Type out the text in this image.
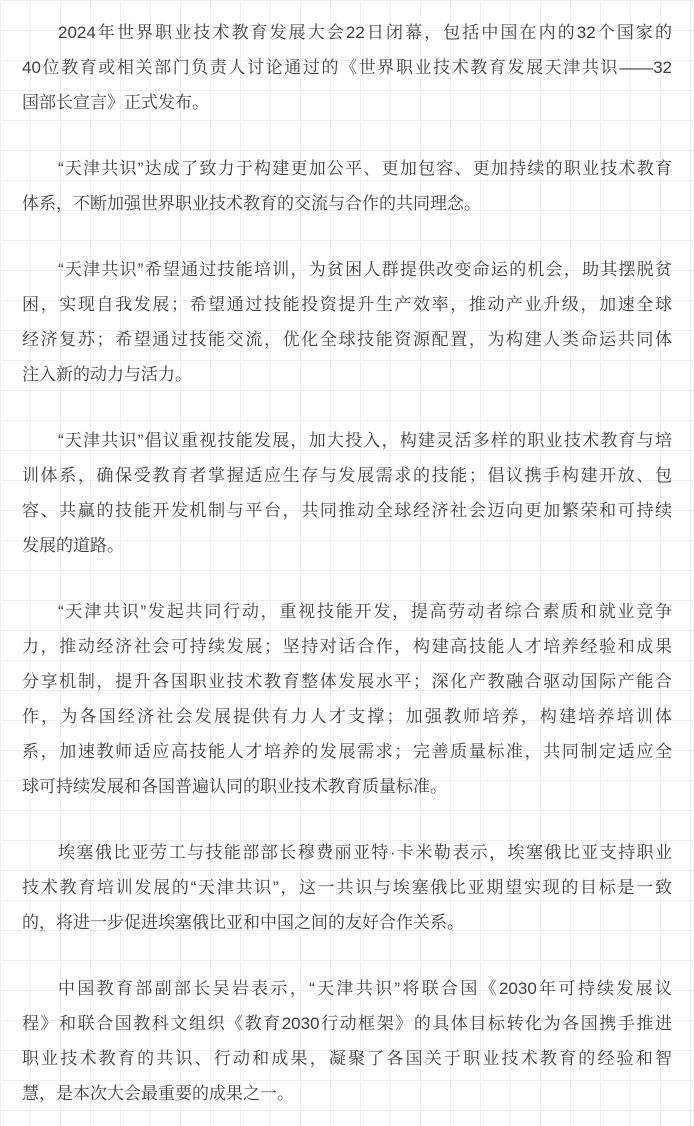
2024年世界职业技术教育发展大会22日闭幕，包括中国在内的32个国家的
40位教育或相关部门负责人讨论通过的《世界职业技术教育发展天津共识——32
国部长宣言》正式发布。

“天津共识”达成了致力于构建更加公平、更加包容、更加持续的职业技术教育
体系，不断加强世界职业技术教育的交流与合作的共同理念。

“天津共识”希望通过技能培训，为贫困人群提供改变命运的机会，助其摆脱贫
困，实现自我发展；希望通过技能投资提升生产效率，推动产业升级，加速全球
经济复苏；希望通过技能交流，优化全球技能资源配置，为构建人类命运共同体
注入新的动力与活力。

“天津共识”倡议重视技能发展，加大投入，构建灵活多样的职业技术教育与培
训体系，确保受教育者掌握适应生存与发展需求的技能；倡议携手构建开放、包
容、共赢的技能开发机制与平台，共同推动全球经济社会迈向更加繁荣和可持续
发展的道路。

“天津共识”发起共同行动，重视技能开发，提高劳动者综合素质和就业竞争
力，推动经济社会可持续发展；坚持对话合作，构建高技能人才培养经验和成果
分享机制，提升各国职业技术教育整体发展水平；深化产教融合驱动国际产能合
作，为各国经济社会发展提供有力人才支撑；加强教师培养，构建培养培训体
系，加速教师适应高技能人才培养的发展需求；完善质量标准，共同制定适应全
球可持续发展和各国普遍认同的职业技术教育质量标准。

埃塞俄比亚劳工与技能部部长穆费丽亚特·卡米勒表示，埃塞俄比亚支持职业
技术教育培训发展的“天津共识”，这一共识与埃塞俄比亚期望实现的目标是一致
的，将进一步促进埃塞俄比亚和中国之间的友好合作关系。

中国教育部副部长吴岩表示，“天津共识”将联合国《2030年可持续发展议
程》和联合国教科文组织《教育2030行动框架》的具体目标转化为各国携手推进
职业技术教育的共识、行动和成果，凝聚了各国关于职业技术教育的经验和智
慧，是本次大会最重要的成果之一。
